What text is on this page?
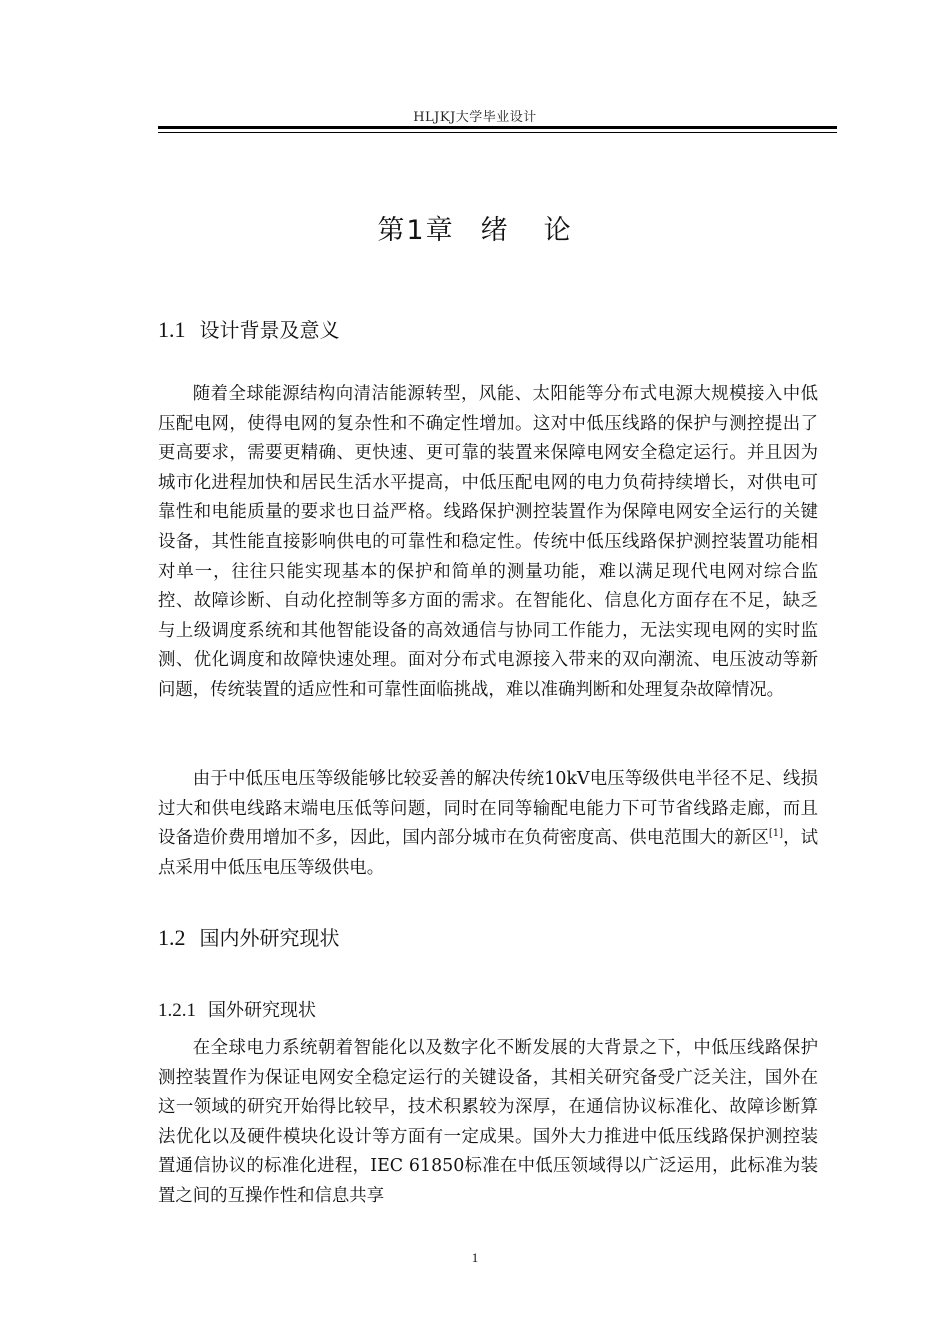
HLJKJ大学毕业设计
第1章 绪 论
1.1 设计背景及意义
随着全球能源结构向清洁能源转型，风能、太阳能等分布式电源大规模接入中低压配电网，使得电网的复杂性和不确定性增加。这对中低压线路的保护与测控提出了更高要求，需要更精确、更快速、更可靠的装置来保障电网安全稳定运行。并且因为城市化进程加快和居民生活水平提高，中低压配电网的电力负荷持续增长，对供电可靠性和电能质量的要求也日益严格。线路保护测控装置作为保障电网安全运行的关键设备，其性能直接影响供电的可靠性和稳定性。传统中低压线路保护测控装置功能相对单一，往往只能实现基本的保护和简单的测量功能，难以满足现代电网对综合监控、故障诊断、自动化控制等多方面的需求。在智能化、信息化方面存在不足，缺乏与上级调度系统和其他智能设备的高效通信与协同工作能力，无法实现电网的实时监测、优化调度和故障快速处理。面对分布式电源接入带来的双向潮流、电压波动等新问题，传统装置的适应性和可靠性面临挑战，难以准确判断和处理复杂故障情况。
由于中低压电压等级能够比较妥善的解决传统10kV电压等级供电半径不足、线损过大和供电线路末端电压低等问题，同时在同等输配电能力下可节省线路走廊，而且设备造价费用增加不多，因此，国内部分城市在负荷密度高、供电范围大的新区[1]，试点采用中低压电压等级供电。
1.2 国内外研究现状
1.2.1 国外研究现状
在全球电力系统朝着智能化以及数字化不断发展的大背景之下，中低压线路保护测控装置作为保证电网安全稳定运行的关键设备，其相关研究备受广泛关注，国外在这一领域的研究开始得比较早，技术积累较为深厚，在通信协议标准化、故障诊断算法优化以及硬件模块化设计等方面有一定成果。国外大力推进中低压线路保护测控装置通信协议的标准化进程，IEC 61850标准在中低压领域得以广泛运用，此标准为装置之间的互操作性和信息共享
1
